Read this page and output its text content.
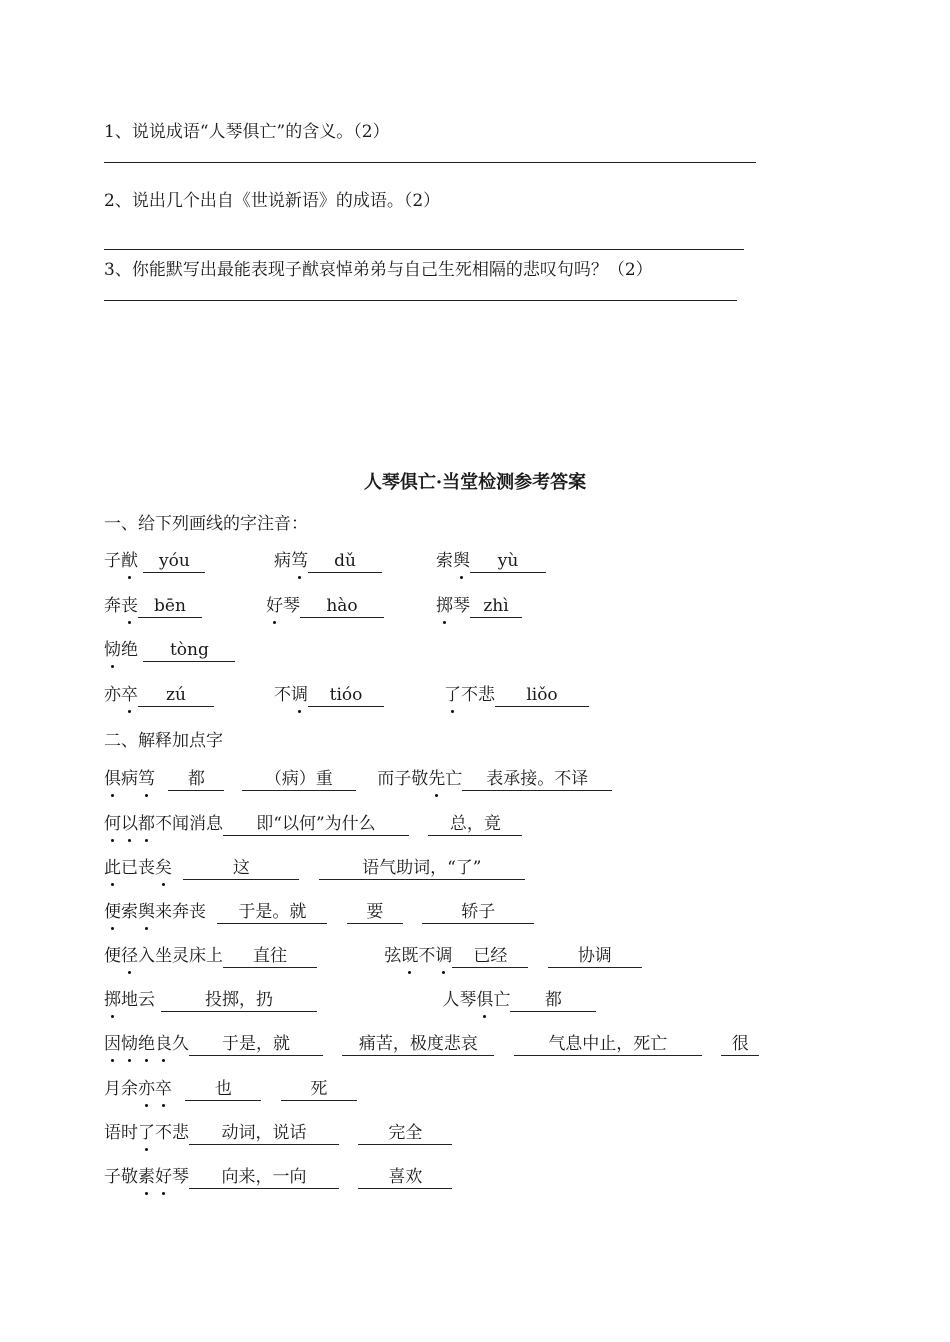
1、说说成语“人琴俱亡”的含义。（2）
2、说出几个出自《世说新语》的成语。（2）
3、你能默写出最能表现子猷哀悼弟弟与自己生死相隔的悲叹句吗？（2）
人琴俱亡·当堂检测参考答案
一、给下列画线的字注音：
子猷 yóu	病笃 dǔ	索舆 yù
奔丧 bēn	好琴 hào	掷琴 zhì
恸绝 tòng
亦卒 zú	不调 tióo	了不悲 liǒo
二、解释加点字
俱病笃 都	（病）重	而子敬先亡 表承接。不译
何以都不闻消息 即“以何”为什么	总，竟
此已丧矣	这	语气助词，“了”
便索舆来奔丧 于是。就	要	轿子
便径入坐灵床上 直往	弦既不调 已经	协调
掷地云	投掷，扔	人琴俱亡 都
因恸绝良久 于是，就	痛苦，极度悲哀	气息中止，死亡	很
月余亦卒	也	死
语时了不悲 动词，说话	完全
子敬素好琴 向来，一向	喜欢
